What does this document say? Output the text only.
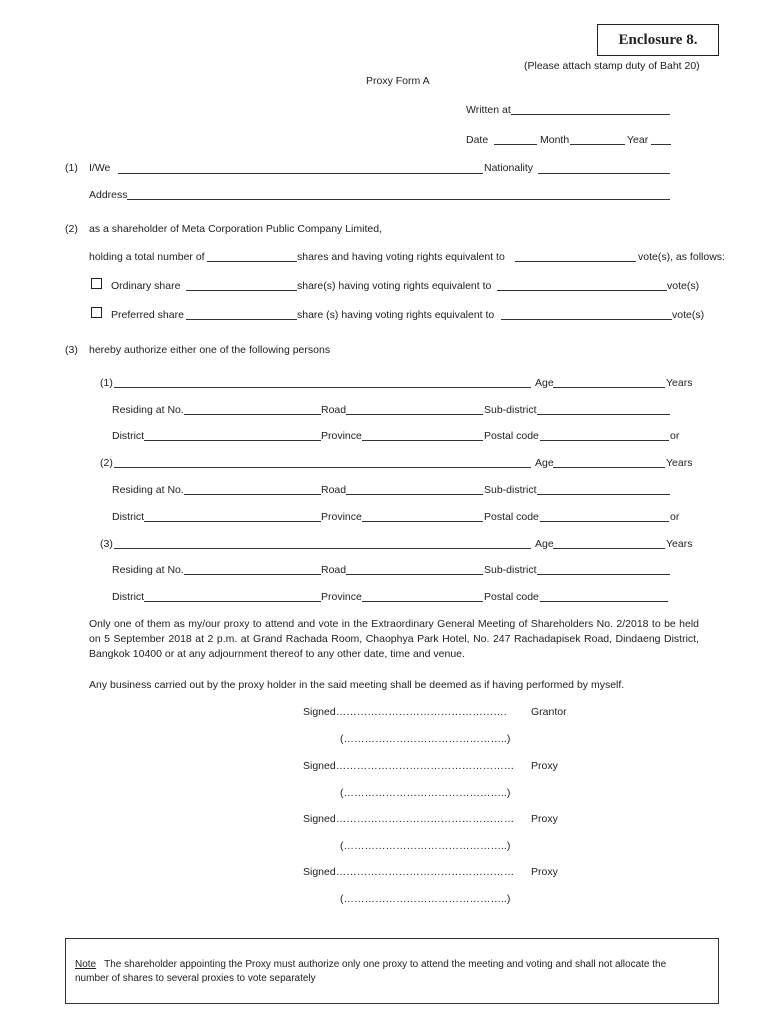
Enclosure 8.
(Please attach stamp duty of Baht 20)
Proxy Form A
Written at
Date	Month	Year
(1) I/We	Nationality
Address
(2) as a shareholder of Meta Corporation Public Company Limited,
holding a total number of	shares and having voting rights equivalent to	vote(s), as follows:
Ordinary share	share(s) having voting rights equivalent to	vote(s)
Preferred share	share (s) having voting rights equivalent to	vote(s)
(3) hereby authorize either one of the following persons
(1)	Age	Years
Residing at No.	Road	Sub-district
District	Province	Postal code	or
(2)	Age	Years
Residing at No.	Road	Sub-district
District	Province	Postal code	or
(3)	Age	Years
Residing at No.	Road	Sub-district
District	Province	Postal code
Only one of them as my/our proxy to attend and vote in the Extraordinary General Meeting of Shareholders No. 2/2018 to be held on 5 September 2018 at 2 p.m. at Grand Rachada Room, Chaophya Park Hotel, No. 247 Rachadapisek Road, Dindaeng District, Bangkok 10400 or at any adjournment thereof to any other date, time and venue.
Any business carried out by the proxy holder in the said meeting shall be deemed as if having performed by myself.
Signed…………………………………………. Grantor
(………………………………………..)
Signed…………………………………………… Proxy
(………………………………………..)
Signed…………………………………………… Proxy
(………………………………………..)
Signed…………………………………………… Proxy
(………………………………………..)
Note The shareholder appointing the Proxy must authorize only one proxy to attend the meeting and voting and shall not allocate the number of shares to several proxies to vote separately
